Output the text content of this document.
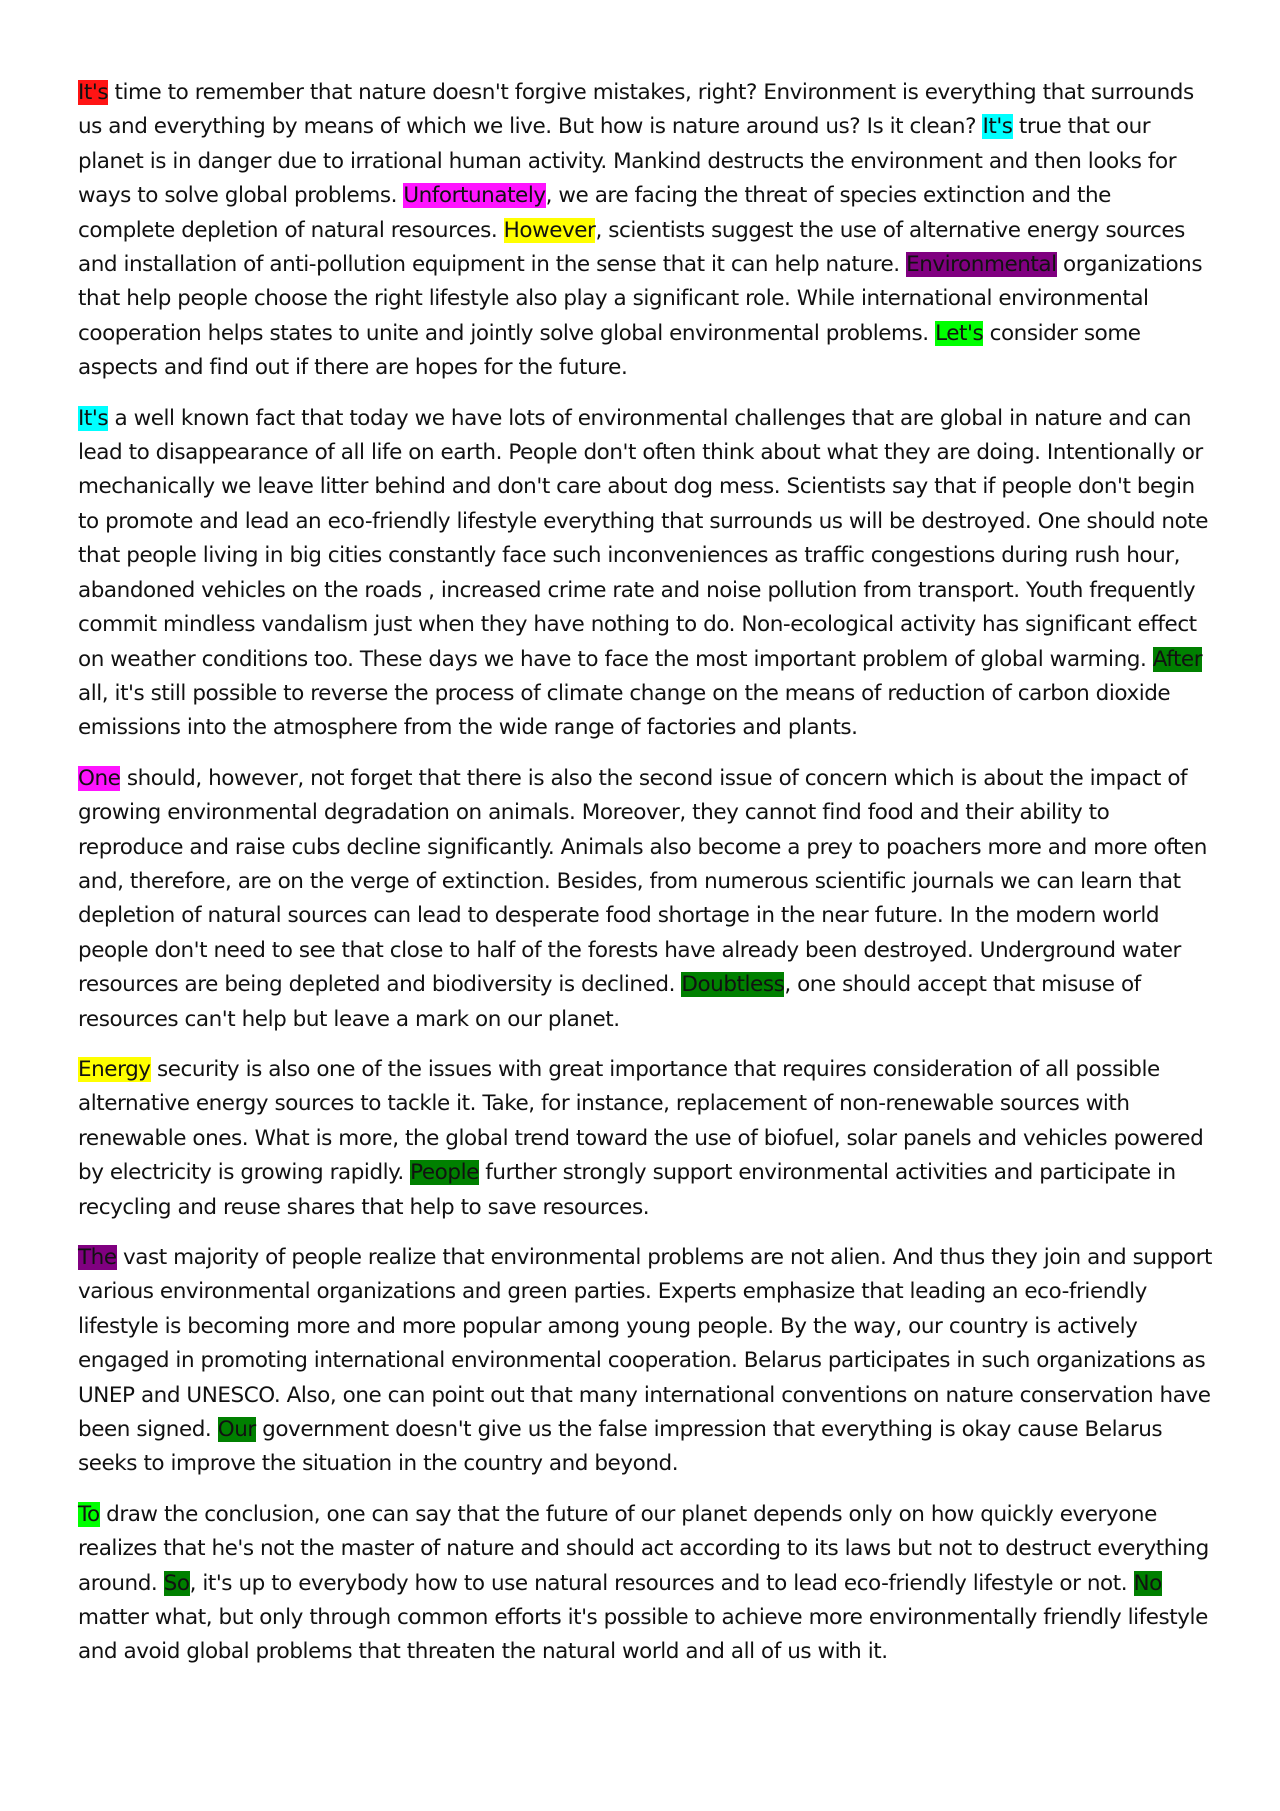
It's time to remember that nature doesn't forgive mistakes, right? Environment is everything that surrounds us and everything by means of which we live. But how is nature around us? Is it clean? It's true that our planet is in danger due to irrational human activity. Mankind destructs the environment and then looks for ways to solve global problems. Unfortunately, we are facing the threat of species extinction and the complete depletion of natural resources. However, scientists suggest the use of alternative energy sources and installation of anti-pollution equipment in the sense that it can help nature. Environmental organizations that help people choose the right lifestyle also play a significant role. While international environmental cooperation helps states to unite and jointly solve global environmental problems. Let's consider some aspects and find out if there are hopes for the future.

It's a well known fact that today we have lots of environmental challenges that are global in nature and can lead to disappearance of all life on earth. People don't often think about what they are doing. Intentionally or mechanically we leave litter behind and don't care about dog mess. Scientists say that if people don't begin to promote and lead an eco-friendly lifestyle everything that surrounds us will be destroyed. One should note that people living in big cities constantly face such inconveniences as traffic congestions during rush hour, abandoned vehicles on the roads , increased crime rate and noise pollution from transport. Youth frequently commit mindless vandalism just when they have nothing to do. Non-ecological activity has significant effect on weather conditions too. These days we have to face the most important problem of global warming. After all, it's still possible to reverse the process of climate change on the means of reduction of carbon dioxide emissions into the atmosphere from the wide range of factories and plants.

One should, however, not forget that there is also the second issue of concern which is about the impact of growing environmental degradation on animals. Moreover, they cannot find food and their ability to reproduce and raise cubs decline significantly. Animals also become a prey to poachers more and more often and, therefore, are on the verge of extinction. Besides, from numerous scientific journals we can learn that depletion of natural sources can lead to desperate food shortage in the near future. In the modern world people don't need to see that close to half of the forests have already been destroyed. Underground water resources are being depleted and biodiversity is declined. Doubtless, one should accept that misuse of resources can't help but leave a mark on our planet.

Energy security is also one of the issues with great importance that requires consideration of all possible alternative energy sources to tackle it. Take, for instance, replacement of non-renewable sources with renewable ones. What is more, the global trend toward the use of biofuel, solar panels and vehicles powered by electricity is growing rapidly. People further strongly support environmental activities and participate in recycling and reuse shares that help to save resources.

The vast majority of people realize that environmental problems are not alien. And thus they join and support various environmental organizations and green parties. Experts emphasize that leading an eco-friendly lifestyle is becoming more and more popular among young people. By the way, our country is actively engaged in promoting international environmental cooperation. Belarus participates in such organizations as UNEP and UNESCO. Also, one can point out that many international conventions on nature conservation have been signed. Our government doesn't give us the false impression that everything is okay cause Belarus seeks to improve the situation in the country and beyond.

To draw the conclusion, one can say that the future of our planet depends only on how quickly everyone realizes that he's not the master of nature and should act according to its laws but not to destruct everything around. So, it's up to everybody how to use natural resources and to lead eco-friendly lifestyle or not. No matter what, but only through common efforts it's possible to achieve more environmentally friendly lifestyle and avoid global problems that threaten the natural world and all of us with it.
